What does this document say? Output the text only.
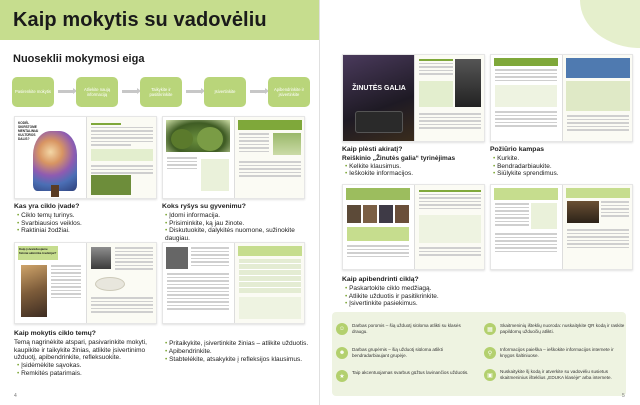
Kaip mokytis su vadovėliu
Nuoseklii mokymosi eiga
Pasirenkite mokytis
Atliekite naują informaciją
Taikykite ir pasitikrinkite
Įsivertinkite
Apibendrinkite ir įsivertinkite
KODĖL SKIRSTOME MENTALINIAI KULTŪROS DALIS?
Kas yra ciklo įvade?
• Ciklo temų turinys.
• Svarbiausios veiklos.
• Raktiniai žodžiai.
Koks ryšys su gyvenimu?
• Įdomi informacija.
• Prisiminkite, ką jau žinote.
• Diskutuokite, dalykitės nuomone, sužinokite daugiau.
Kaip įsivaizduojame fiziniai akimirka tradicijai?
Kaip mokytis ciklo temų?
Temą nagrinėkite atspari, pasivarinkite mokyti, kaupikite ir taikykite žinias, atlikite įsivertinimo užduotį, apibendrinkite, refleksuokite.
• Įsidėmėkite sąvokas.
• Remkitės patarimais.
• Pritaikykite, įsivertinkite žinias – atlikite užduotis.
• Apibendrinkite.
• Stabtelėkite, atsakykite į refleksijos klausimus.
4
ŽINUTĖS GALIA
Kaip plėsti akiratį?
Reiškinio „Žinutės galia“ tyrinėjimas
• Kelkite klausimus.
• Ieškokite informacijos.
Požiūrio kampas
• Kurkite.
• Bendradarbiaukite.
• Siūlykite sprendimus.
Kaip apibendrinti ciklą?
• Paskartokite ciklo medžiagą.
• Atlikite užduotis ir pasitikrinkite.
• Įsivertinkite pasiekimus.
☺
Darbas poromis – šią užduotį siūloma atlikti su klasės draugu.
☻
Darbas grupėmis – šią užduotį siūloma atlikti bendradarbiaujant grupėje.
★
Taip akcentuojamas svarbus gūžtus lavinančios užduotis.
▦
Skaitmeninių išteklių nuoroda: nuskaitykite QR kodą ir raskite papildomų užduočių atlikti.
⚲
Informacijos paieška – ieškokite informacijos internete ir knygos šaltiniuose.
▣
Nuskaitykite šį kodą ir atverkite su vadovėliu susietus skaitmeninius išteklius „EDUKA klasėje“ arba internete.
5
